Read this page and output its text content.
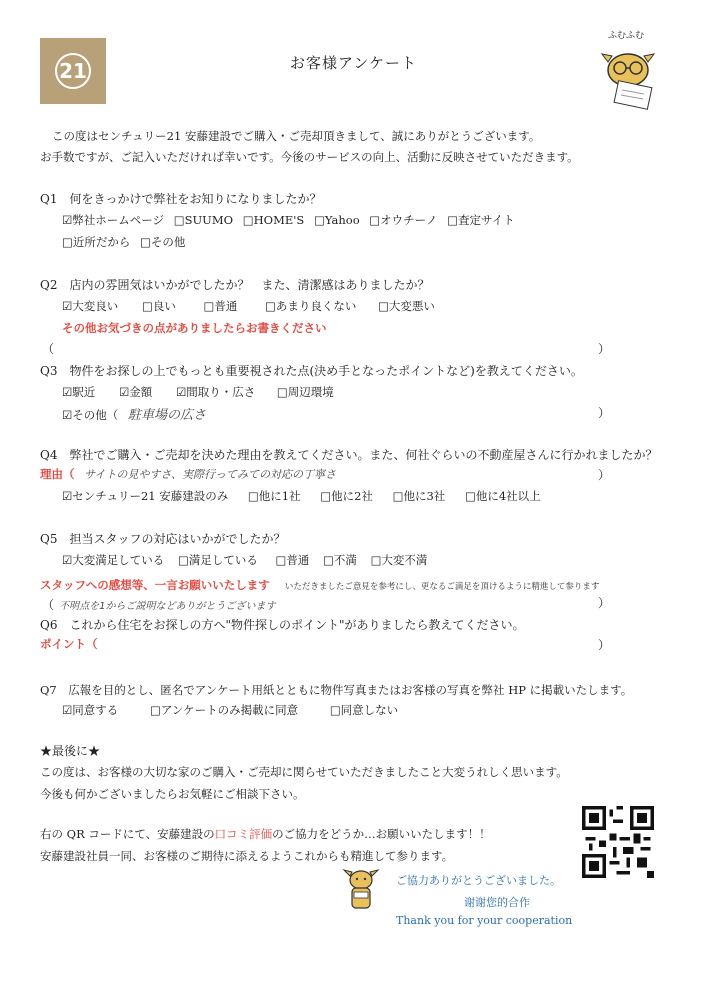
21	お客様アンケート
ふむふむ
この度はセンチュリー21 安藤建設でご購入・ご売却頂きまして、誠にありがとうございます。
お手数ですが、ご記入いただければ幸いです。今後のサービスの向上、活動に反映させていただきます。
Q1　何をきっかけで弊社をお知りになりましたか？
☑弊社ホームページ □SUUMO □HOME'S □Yahoo □オウチーノ □査定サイト
□近所だから □その他
Q2　店内の雰囲気はいかがでしたか？　また、清潔感はありましたか？
☑大変良い □良い □普通 □あまり良くない □大変悪い
その他お気づきの点がありましたらお書きください
（	）
Q3　物件をお探しの上でもっとも重要視された点(決め手となったポイントなど)を教えてください。
☑駅近 ☑金額 ☑間取り・広さ □周辺環境
☑その他（ 駐車場の広さ	）
Q4　弊社でご購入・ご売却を決めた理由を教えてください。また、何社ぐらいの不動産屋さんに行かれましたか？
理由（ サイトの見やすさ、実際行ってみての対応の丁寧さ	）
☑センチュリー21 安藤建設のみ □他に1社 □他に2社 □他に3社 □他に4社以上
Q5　担当スタッフの対応はいかがでしたか？
☑大変満足している □満足している □普通 □不満 □大変不満
スタッフへの感想等、一言お願いいたします いただきましたご意見を参考にし、更なるご満足を頂けるように精進して参ります
（ 不明点を1からご説明などありがとうございます	）
Q6　これから住宅をお探しの方へ"物件探しのポイント"がありましたら教えてください。
ポイント（	）
Q7　広報を目的とし、匿名でアンケート用紙とともに物件写真またはお客様の写真を弊社 HP に掲載いたします。
☑同意する	□アンケートのみ掲載に同意	□同意しない
★最後に★
この度は、お客様の大切な家のご購入・ご売却に関らせていただきましたこと大変うれしく思います。
今後も何かございましたらお気軽にご相談下さい。
右の QR コードにて、安藤建設の口コミ評価のご協力をどうか…お願いいたします！！
安藤建設社員一同、お客様のご期待に添えるようこれからも精進して参ります。
ご協力ありがとうございました。
谢谢您的合作
Thank you for your cooperation
